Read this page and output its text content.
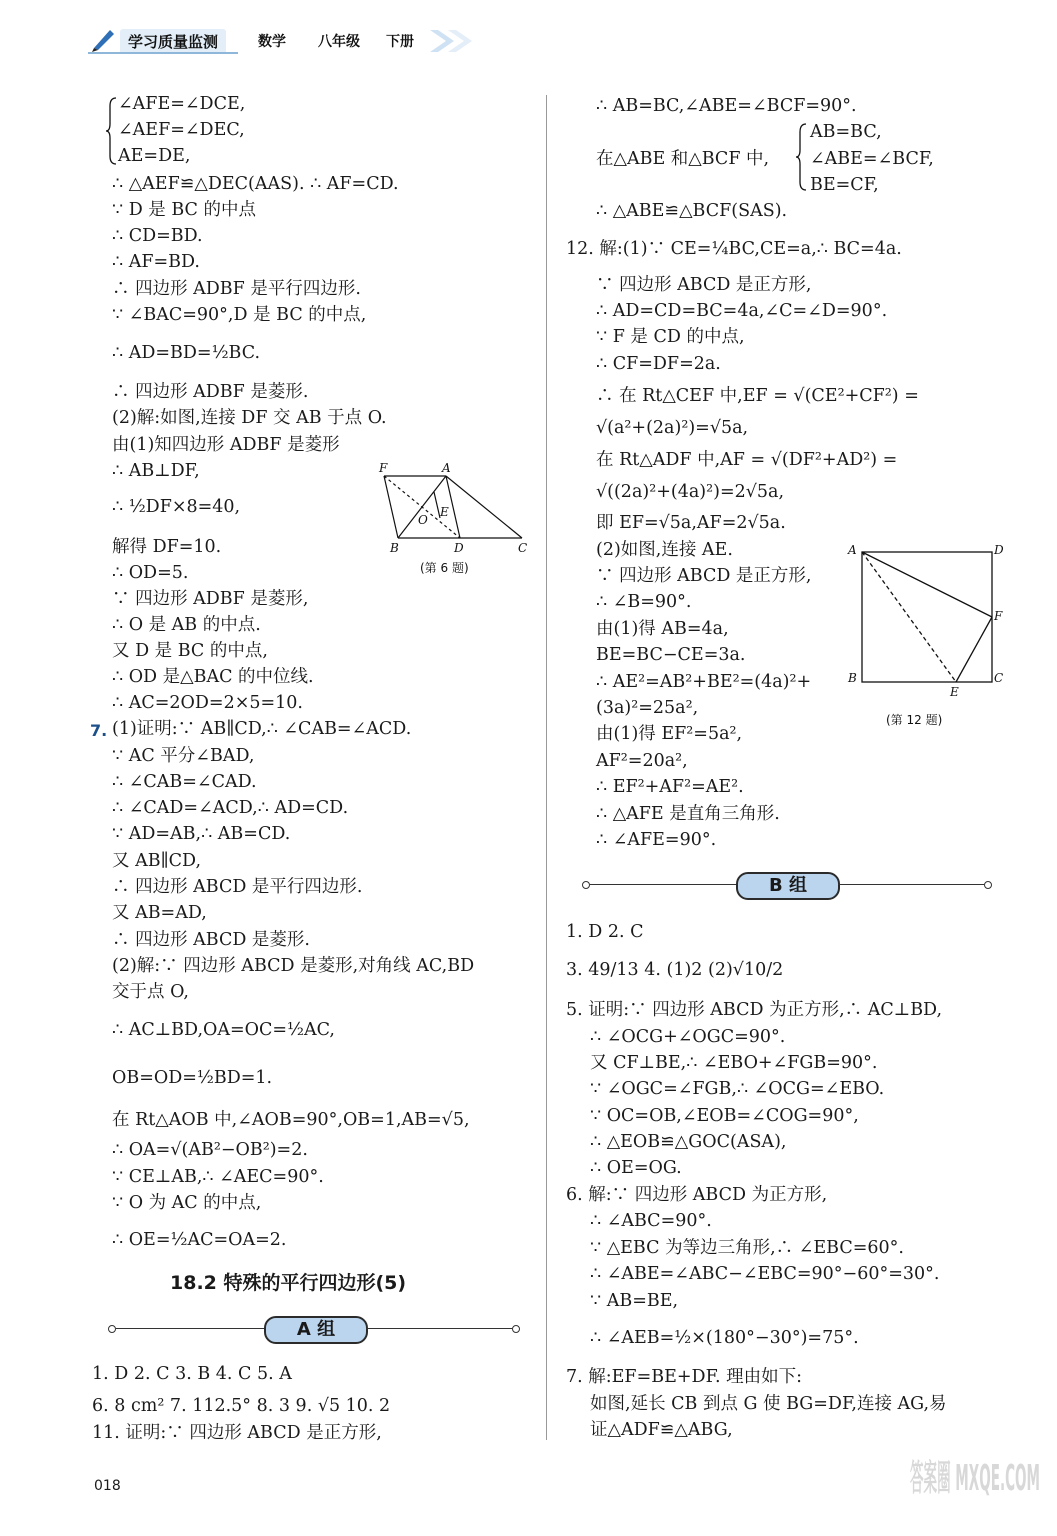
学习质量监测	数学 八年级 下册
∠AFE=∠DCE,
∠AEF=∠DEC,
AE=DE,
∴ △AEF≌△DEC(AAS). ∴ AF=CD.
∵ D 是 BC 的中点
∴ CD=BD.
∴ AF=BD.
∴ 四边形 ADBF 是平行四边形.
∵ ∠BAC=90°,D 是 BC 的中点,
∴ AD=BD=½BC.
∴ 四边形 ADBF 是菱形.
(2)解:如图,连接 DF 交 AB 于点 O.
由(1)知四边形 ADBF 是菱形
∴ AB⊥DF,
∴ ½DF×8=40,
解得 DF=10.
∴ OD=5.
∵ 四边形 ADBF 是菱形,
∴ O 是 AB 的中点.
又 D 是 BC 的中点,
∴ OD 是△BAC 的中位线.
∴ AC=2OD=2×5=10.
F	A
O
E
B	D	C
(第 6 题)
7. (1)证明:∵ AB∥CD,∴ ∠CAB=∠ACD.
∵ AC 平分∠BAD,
∴ ∠CAB=∠CAD.
∴ ∠CAD=∠ACD,∴ AD=CD.
∵ AD=AB,∴ AB=CD.
又 AB∥CD,
∴ 四边形 ABCD 是平行四边形.
又 AB=AD,
∴ 四边形 ABCD 是菱形.
(2)解:∵ 四边形 ABCD 是菱形,对角线 AC,BD
交于点 O,
∴ AC⊥BD,OA=OC=½AC,
OB=OD=½BD=1.
在 Rt△AOB 中,∠AOB=90°,OB=1,AB=√5,
∴ OA=√(AB²−OB²)=2.
∵ CE⊥AB,∴ ∠AEC=90°.
∵ O 为 AC 的中点,
∴ OE=½AC=OA=2.
18.2 特殊的平行四边形(5)
A 组
1. D 2. C 3. B 4. C 5. A
6. 8 cm² 7. 112.5° 8. 3 9. √5 10. 2
11. 证明:∵ 四边形 ABCD 是正方形,
∴ AB=BC,∠ABE=∠BCF=90°.
AB=BC,
在△ABE 和△BCF 中, ∠ABE=∠BCF,
BE=CF,
∴ △ABE≌△BCF(SAS).
12. 解:(1)∵ CE=¼BC,CE=a,∴ BC=4a.
∵ 四边形 ABCD 是正方形,
∴ AD=CD=BC=4a,∠C=∠D=90°.
∵ F 是 CD 的中点,
∴ CF=DF=2a.
∴ 在 Rt△CEF 中,EF = √(CE²+CF²) =
√(a²+(2a)²)=√5a,
在 Rt△ADF 中,AF = √(DF²+AD²) =
√((2a)²+(4a)²)=2√5a,
即 EF=√5a,AF=2√5a.
(2)如图,连接 AE.
∵ 四边形 ABCD 是正方形,
∴ ∠B=90°.
由(1)得 AB=4a,
BE=BC−CE=3a.
∴ AE²=AB²+BE²=(4a)²+
(3a)²=25a²,
由(1)得 EF²=5a²,
AF²=20a²,
∴ EF²+AF²=AE².
∴ △AFE 是直角三角形.
∴ ∠AFE=90°.
A	D
F
B
E
C
(第 12 题)
B 组
1. D 2. C
3. 49/13 4. (1)2 (2)√10/2
5. 证明:∵ 四边形 ABCD 为正方形,∴ AC⊥BD,
∴ ∠OCG+∠OGC=90°.
又 CF⊥BE,∴ ∠EBO+∠FGB=90°.
∵ ∠OGC=∠FGB,∴ ∠OCG=∠EBO.
∵ OC=OB,∠EOB=∠COG=90°,
∴ △EOB≌△GOC(ASA),
∴ OE=OG.
6. 解:∵ 四边形 ABCD 为正方形,
∴ ∠ABC=90°.
∵ △EBC 为等边三角形,∴ ∠EBC=60°.
∴ ∠ABE=∠ABC−∠EBC=90°−60°=30°.
∵ AB=BE,
∴ ∠AEB=½×(180°−30°)=75°.
7. 解:EF=BE+DF. 理由如下:
如图,延长 CB 到点 G 使 BG=DF,连接 AG,易
证△ADF≌△ABG,
018	答案圈 MXQE.COM
